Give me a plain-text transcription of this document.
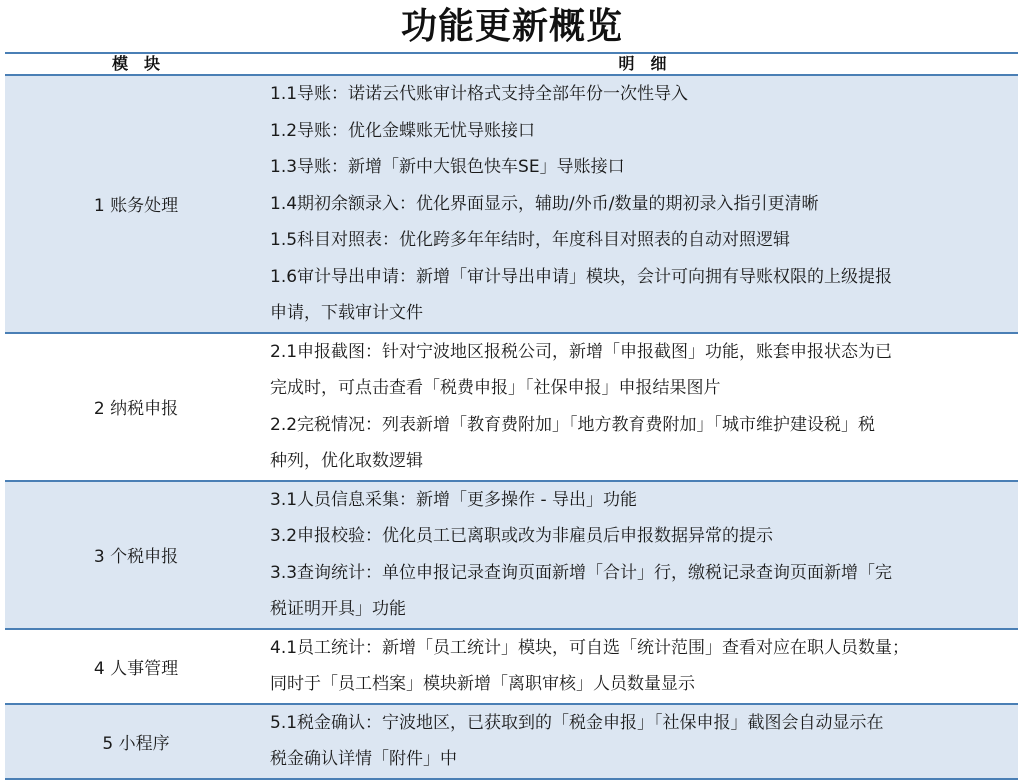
功能更新概览
模　块	明　细
1 账务处理
1.1导账：诺诺云代账审计格式支持全部年份一次性导入
1.2导账：优化金蝶账无忧导账接口
1.3导账：新增「新中大银色快车SE」导账接口
1.4期初余额录入：优化界面显示，辅助/外币/数量的期初录入指引更清晰
1.5科目对照表：优化跨多年年结时，年度科目对照表的自动对照逻辑
1.6审计导出申请：新增「审计导出申请」模块，会计可向拥有导账权限的上级提报
申请，下载审计文件
2 纳税申报
2.1申报截图：针对宁波地区报税公司，新增「申报截图」功能，账套申报状态为已
完成时，可点击查看「税费申报」「社保申报」申报结果图片
2.2完税情况：列表新增「教育费附加」「地方教育费附加」「城市维护建设税」税
种列，优化取数逻辑
3 个税申报
3.1人员信息采集：新增「更多操作 - 导出」功能
3.2申报校验：优化员工已离职或改为非雇员后申报数据异常的提示
3.3查询统计：单位申报记录查询页面新增「合计」行，缴税记录查询页面新增「完
税证明开具」功能
4 人事管理
4.1员工统计：新增「员工统计」模块，可自选「统计范围」查看对应在职人员数量；
同时于「员工档案」模块新增「离职审核」人员数量显示
5 小程序
5.1税金确认：宁波地区，已获取到的「税金申报」「社保申报」截图会自动显示在
税金确认详情「附件」中
